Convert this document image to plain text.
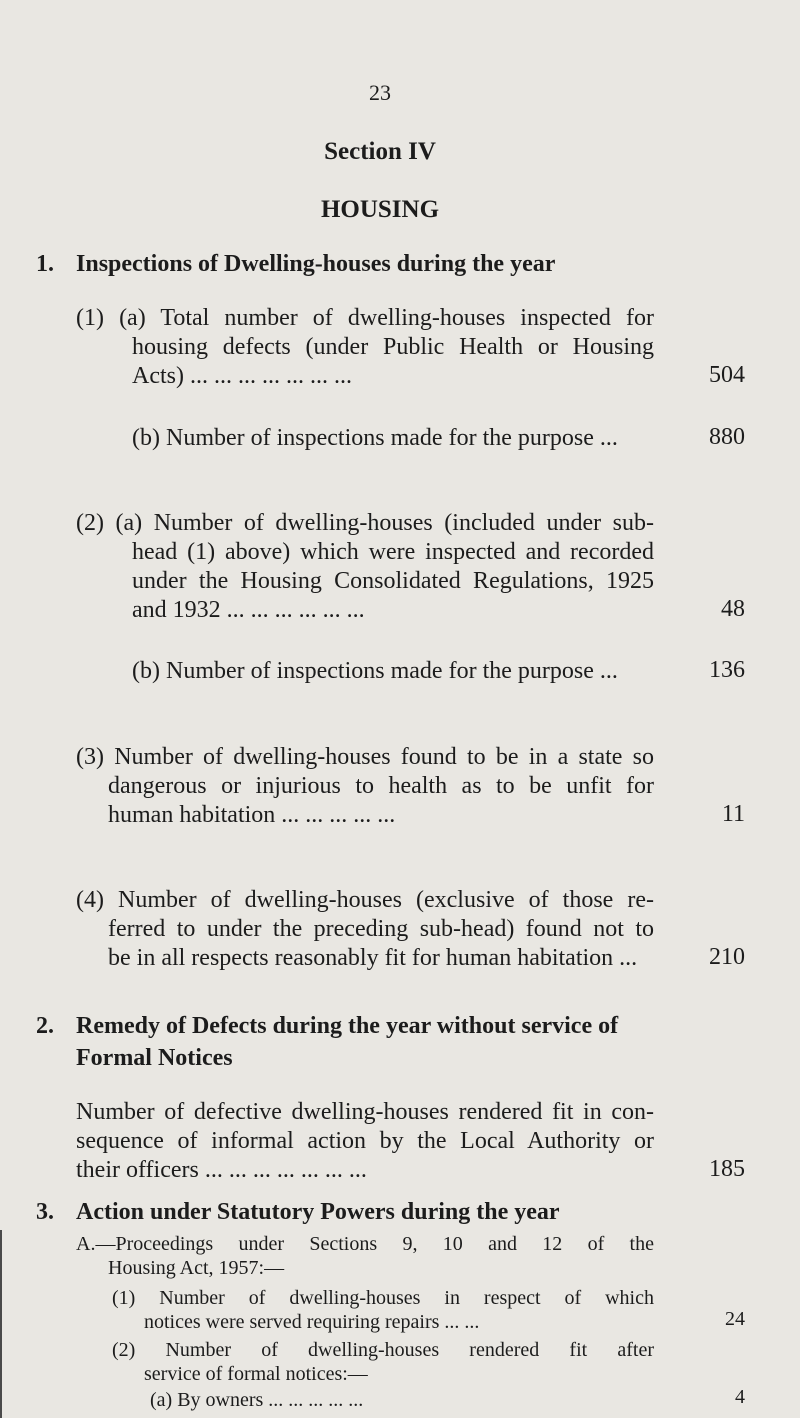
23
Section IV
HOUSING
1. Inspections of Dwelling-houses during the year
(1) (a) Total number of dwelling-houses inspected for
housing defects (under Public Health or Housing
Acts) ... ... ... ... ... ... ...	504
(b) Number of inspections made for the purpose ...	880
(2) (a) Number of dwelling-houses (included under sub-
head (1) above) which were inspected and recorded
under the Housing Consolidated Regulations, 1925
and 1932 ... ... ... ... ... ...	48
(b) Number of inspections made for the purpose ...	136
(3) Number of dwelling-houses found to be in a state so
dangerous or injurious to health as to be unfit for
human habitation ... ... ... ... ...	11
(4) Number of dwelling-houses (exclusive of those re-
ferred to under the preceding sub-head) found not to
be in all respects reasonably fit for human habitation ...	210
2. Remedy of Defects during the year without service of
Formal Notices
Number of defective dwelling-houses rendered fit in con-
sequence of informal action by the Local Authority or
their officers ... ... ... ... ... ... ...	185
3. Action under Statutory Powers during the year
A.—Proceedings under Sections 9, 10 and 12 of the
Housing Act, 1957:—
(1) Number of dwelling-houses in respect of which
notices were served requiring repairs ... ...	24
(2) Number of dwelling-houses rendered fit after
service of formal notices:—
(a) By owners ... ... ... ... ...	4
